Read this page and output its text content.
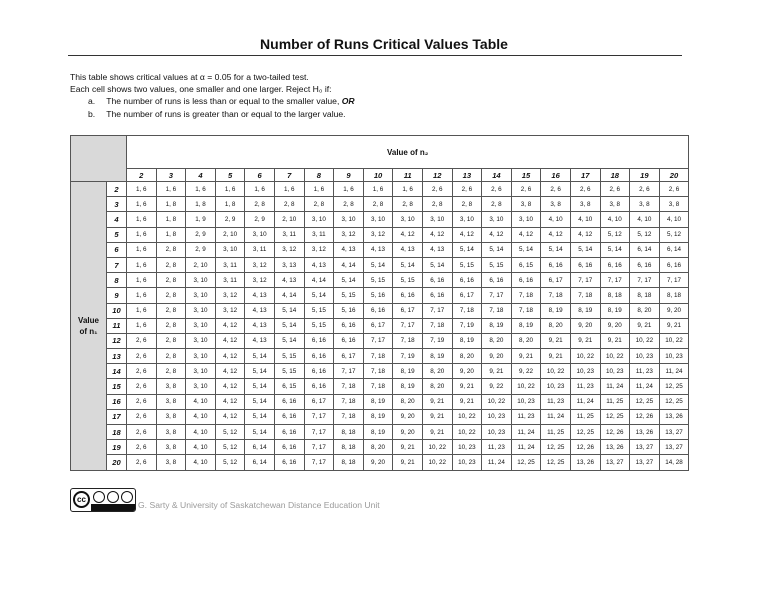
Number of Runs Critical Values Table
This table shows critical values at α = 0.05 for a two-tailed test.
Each cell shows two values, one smaller and one larger. Reject H₀ if:
a. The number of runs is less than or equal to the smaller value, OR
b. The number of runs is greater than or equal to the larger value.
		Value of n₂																		
		2	3	4	5	6	7	8	9	10	11	12	13	14	15	16	17	18	19	20

Value
of n₁	2	1, 6	1, 6	1, 6	1, 6	1, 6	1, 6	1, 6	1, 6	1, 6	1, 6	2, 6	2, 6	2, 6	2, 6	2, 6	2, 6	2, 6	2, 6	2, 6
	3	1, 6	1, 8	1, 8	1, 8	2, 8	2, 8	2, 8	2, 8	2, 8	2, 8	2, 8	2, 8	2, 8	3, 8	3, 8	3, 8	3, 8	3, 8	3, 8
	4	1, 6	1, 8	1, 9	2, 9	2, 9	2, 10	3, 10	3, 10	3, 10	3, 10	3, 10	3, 10	3, 10	3, 10	4, 10	4, 10	4, 10	4, 10	4, 10
	5	1, 6	1, 8	2, 9	2, 10	3, 10	3, 11	3, 11	3, 12	3, 12	4, 12	4, 12	4, 12	4, 12	4, 12	4, 12	4, 12	5, 12	5, 12	5, 12
	6	1, 6	2, 8	2, 9	3, 10	3, 11	3, 12	3, 12	4, 13	4, 13	4, 13	4, 13	5, 14	5, 14	5, 14	5, 14	5, 14	5, 14	6, 14	6, 14
	7	1, 6	2, 8	2, 10	3, 11	3, 12	3, 13	4, 13	4, 14	5, 14	5, 14	5, 14	5, 15	5, 15	6, 15	6, 16	6, 16	6, 16	6, 16	6, 16
	8	1, 6	2, 8	3, 10	3, 11	3, 12	4, 13	4, 14	5, 14	5, 15	5, 15	6, 16	6, 16	6, 16	6, 16	6, 17	7, 17	7, 17	7, 17	7, 17
	9	1, 6	2, 8	3, 10	3, 12	4, 13	4, 14	5, 14	5, 15	5, 16	6, 16	6, 16	6, 17	7, 17	7, 18	7, 18	7, 18	8, 18	8, 18	8, 18
	10	1, 6	2, 8	3, 10	3, 12	4, 13	5, 14	5, 15	5, 16	6, 16	6, 17	7, 17	7, 18	7, 18	7, 18	8, 19	8, 19	8, 19	8, 20	9, 20
	11	1, 6	2, 8	3, 10	4, 12	4, 13	5, 14	5, 15	6, 16	6, 17	7, 17	7, 18	7, 19	8, 19	8, 19	8, 20	9, 20	9, 20	9, 21	9, 21
	12	2, 6	2, 8	3, 10	4, 12	4, 13	5, 14	6, 16	6, 16	7, 17	7, 18	7, 19	8, 19	8, 20	8, 20	9, 21	9, 21	9, 21	10, 22	10, 22
	13	2, 6	2, 8	3, 10	4, 12	5, 14	5, 15	6, 16	6, 17	7, 18	7, 19	8, 19	8, 20	9, 20	9, 21	9, 21	10, 22	10, 22	10, 23	10, 23
	14	2, 6	2, 8	3, 10	4, 12	5, 14	5, 15	6, 16	7, 17	7, 18	8, 19	8, 20	9, 20	9, 21	9, 22	10, 22	10, 23	10, 23	11, 23	11, 24
	15	2, 6	3, 8	3, 10	4, 12	5, 14	6, 15	6, 16	7, 18	7, 18	8, 19	8, 20	9, 21	9, 22	10, 22	10, 23	11, 23	11, 24	11, 24	12, 25
	16	2, 6	3, 8	4, 10	4, 12	5, 14	6, 16	6, 17	7, 18	8, 19	8, 20	9, 21	9, 21	10, 22	10, 23	11, 23	11, 24	11, 25	12, 25	12, 25
	17	2, 6	3, 8	4, 10	4, 12	5, 14	6, 16	7, 17	7, 18	8, 19	9, 20	9, 21	10, 22	10, 23	11, 23	11, 24	11, 25	12, 25	12, 26	13, 26
	18	2, 6	3, 8	4, 10	5, 12	5, 14	6, 16	7, 17	8, 18	8, 19	9, 20	9, 21	10, 22	10, 23	11, 24	11, 25	12, 25	12, 26	13, 26	13, 27
	19	2, 6	3, 8	4, 10	5, 12	6, 14	6, 16	7, 17	8, 18	8, 20	9, 21	10, 22	10, 23	11, 23	11, 24	12, 25	12, 26	13, 26	13, 27	13, 27
	20	2, 6	3, 8	4, 10	5, 12	6, 14	6, 16	7, 17	8, 18	9, 20	9, 21	10, 22	10, 23	11, 24	12, 25	12, 25	13, 26	13, 27	13, 27	14, 28
cc
G. Sarty & University of Saskatchewan Distance Education Unit
